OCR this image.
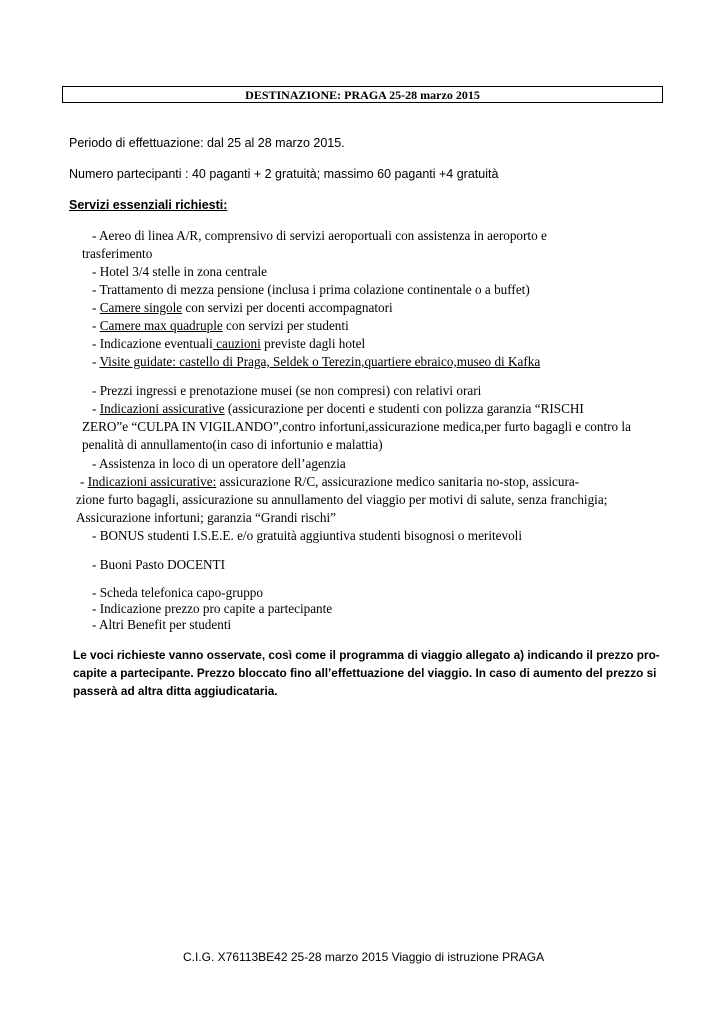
DESTINAZIONE: PRAGA 25-28 marzo 2015
Periodo di effettuazione: dal 25 al 28 marzo 2015.
Numero partecipanti : 40 paganti + 2 gratuità; massimo 60 paganti +4 gratuità
Servizi essenziali richiesti:
- Aereo di linea A/R, comprensivo di servizi aeroportuali con assistenza in aeroporto e
trasferimento
- Hotel 3/4 stelle in zona centrale
- Trattamento di mezza pensione (inclusa i prima colazione continentale o a buffet)
- Camere singole con servizi per docenti accompagnatori
- Camere max quadruple con servizi per studenti
- Indicazione eventuali cauzioni previste dagli hotel
- Visite guidate: castello di Praga, Seldek o Terezin,quartiere ebraico,museo di Kafka
- Prezzi ingressi e prenotazione musei (se non compresi) con relativi orari
- Indicazioni assicurative (assicurazione per docenti e studenti con polizza garanzia “RISCHI
ZERO”e “CULPA IN VIGILANDO”,contro infortuni,assicurazione medica,per furto bagagli e contro la
penalità di annullamento(in caso di infortunio e malattia)
- Assistenza in loco di un operatore dell’agenzia
- Indicazioni assicurative: assicurazione R/C, assicurazione medico sanitaria no-stop, assicura-
zione furto bagagli, assicurazione su annullamento del viaggio per motivi di salute, senza franchigia;
Assicurazione infortuni; garanzia “Grandi rischi”
- BONUS studenti I.S.E.E. e/o gratuità aggiuntiva studenti bisognosi o meritevoli
- Buoni Pasto DOCENTI
- Scheda telefonica capo-gruppo
- Indicazione prezzo pro capite a partecipante
- Altri Benefit per studenti
Le voci richieste vanno osservate, così come il programma di viaggio allegato a) indicando il prezzo pro-
capite a partecipante. Prezzo bloccato fino all’effettuazione del viaggio. In caso di aumento del prezzo si
passerà ad altra ditta aggiudicataria.
C.I.G. X76113BE42 25-28 marzo 2015 Viaggio di istruzione PRAGA
